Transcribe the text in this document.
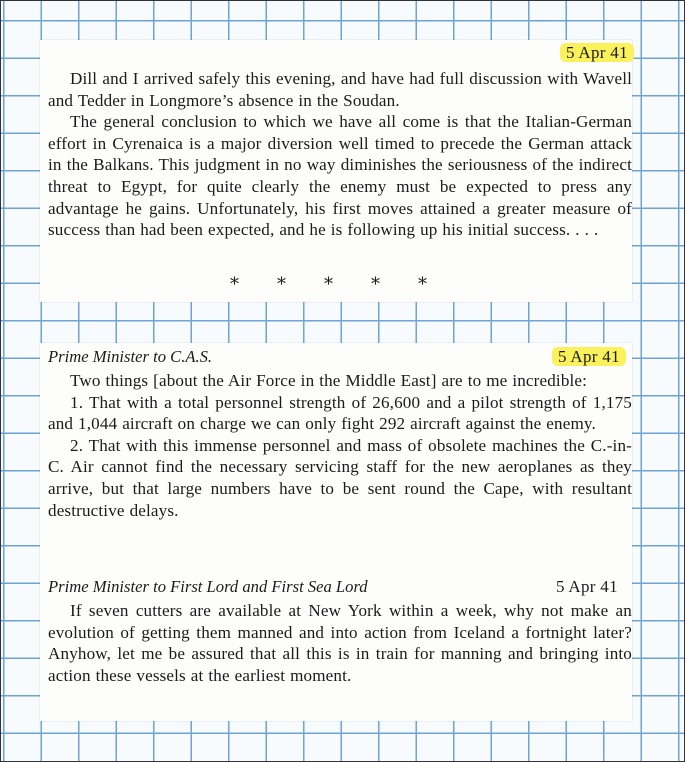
5 Apr 41

Dill and I arrived safely this evening, and have had full discussion with Wavell and Tedder in Longmore’s absence in the Soudan.

The general conclusion to which we have all come is that the Italian-German effort in Cyrenaica is a major diversion well timed to precede the German attack in the Balkans. This judgment in no way diminishes the seriousness of the indirect threat to Egypt, for quite clearly the enemy must be expected to press any advantage he gains. Unfortunately, his first moves attained a greater measure of success than had been expected, and he is following up his initial success. . . .

*****
Prime Minister to C.A.S.	5 Apr 41

Two things [about the Air Force in the Middle East] are to me incredible:

1. That with a total personnel strength of 26,600 and a pilot strength of 1,175 and 1,044 aircraft on charge we can only fight 292 aircraft against the enemy.

2. That with this immense personnel and mass of obsolete machines the C.-in-C. Air cannot find the necessary servicing staff for the new aeroplanes as they arrive, but that large numbers have to be sent round the Cape, with resultant destructive delays.

Prime Minister to First Lord and First Sea Lord	5 Apr 41

If seven cutters are available at New York within a week, why not make an evolution of getting them manned and into action from Iceland a fortnight later? Anyhow, let me be assured that all this is in train for manning and bringing into action these vessels at the earliest moment.
